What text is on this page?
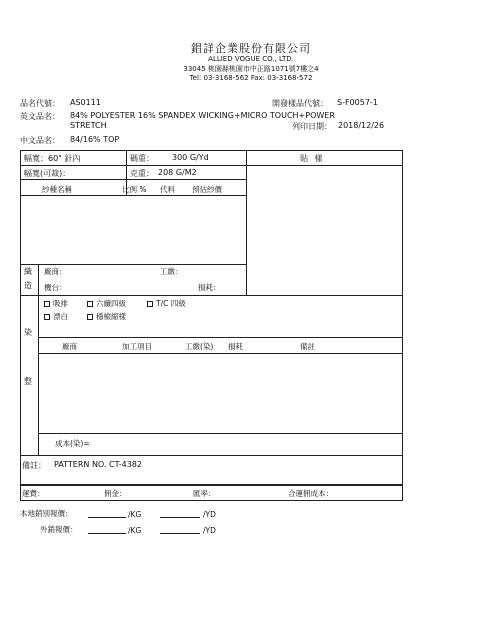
錩詳企業股份有限公司
ALLIED VOGUE CO., LTD.
33045 桃園縣桃園市中正路1071號7樓之4
Tel: 03-3168-562 Fax: 03-3168-572
品名代號： AS0111	開發樣品代號： S-F0057-1
英文品名： 84% POLYESTER 16% SPANDEX WICKING+MICRO TOUCH+POWER
STRETCH	列印日期： 2018/12/26
中文品名： 84/16% TOP
幅寬：60" 針內	碼重： 300 G/Yd	貼 樣
幅寬(可裁)：	克重： 208 G/M2
紗種名稱	比例 % 代料 預估紗價
織
造
廠商：	工繳：
機台：	損耗：
染
整
吸排	六纖四級	T/C 四級
漂白	穩檢縮樣
廠商	加工項目	工繳(染) 損耗	備註
成本(染)=
備註： PATTERN NO. CT-4382
運費：	佣金：	匯率：	合運佣成本：
本地銷別報價：	/KG	/YD
外銷報價：	/KG	/YD
